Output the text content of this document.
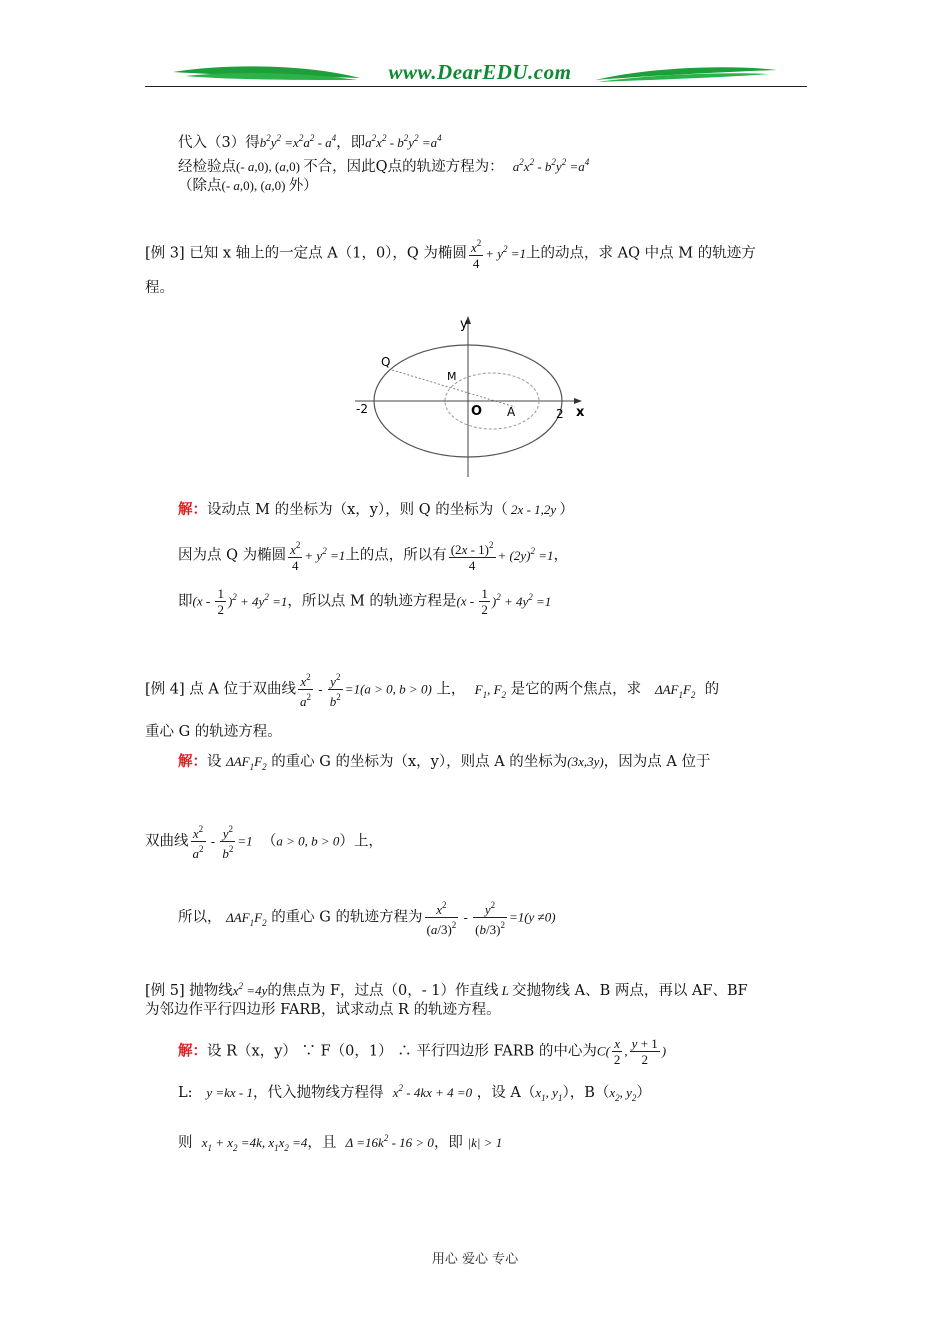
www.DearEDU.com
代入（3）得$b^2y^2 =x^2a^2 - a^4$，即$a^2x^2 - b^2y^2 =a^4$
经检验点(- a,0), (a,0) 不合，因此Q点的轨迹方程为： $a^2x^2 - b^2y^2 =a^4$
（除点(- a,0), (a,0) 外）
[例 3] 已知 x 轴上的一定点 A（1，0），Q 为椭圆 $\frac{x^2}{4} + y^2 =1$上的动点，求 AQ 中点 M 的轨迹方
程。
y
x
Q
M
O A
-2	2
解：设动点 M 的坐标为（x，y），则 Q 的坐标为（ 2x - 1,2y ）
因为点 Q 为椭圆 $\frac{x^2}{4} + y^2 =1$上的点，所以有 $\frac{(2x - 1)^2}{4} + (2y)^2 =1$，
即$(x - \frac{1}{2} )^2 + 4y^2 =1$，所以点 M 的轨迹方程是$(x - \frac{1}{2} )^2 + 4y^2 =1$
[例 4] 点 A 位于双曲线 $\frac{x^2}{a^2} - \frac{y^2}{b^2} =1(a > 0$, b > 0) 上， $F_1$, $F_2$ 是它的两个焦点，求 $\Delta AF_1F_2$ 的
重心 G 的轨迹方程。
解：设 $\Delta AF_1F_2$ 的重心 G 的坐标为（x，y），则点 A 的坐标为(3x,3y)，因为点 A 位于
双曲线 $\frac{x^2}{a^2} - \frac{y^2}{b^2} =1$ （a > 0, b > 0）上，
所以， $\Delta AF_1F_2$ 的重心 G 的轨迹方程为 $\frac{x^2}{(a/3)^2} - \frac{y^2}{(b/3)^2} =1(y \ne 0)$
[例 5] 抛物线$x^2 =4y$的焦点为 F，过点（0，- 1）作直线 L 交抛物线 A、B 两点，再以 AF、BF
为邻边作平行四边形 FARB，试求动点 R 的轨迹方程。
解：设 R（x，y） ∵ F（0，1） ∴ 平行四边形 FARB 的中心为$C( \frac{x}{2}$ , $\frac{y + 1}{2}$ )
L: y =kx - 1，代入抛物线方程得 $x^2 - 4kx + 4 =0$ ，设 $A(x_1$, $y_1$），$B(x_2$, $y_2$）
则 $x_1 + x_2 =4k$, $x_1x_2 =4$，且 $\Delta =16k^2 - 16 > 0$，即 |k| > 1
用心 爱心 专心
